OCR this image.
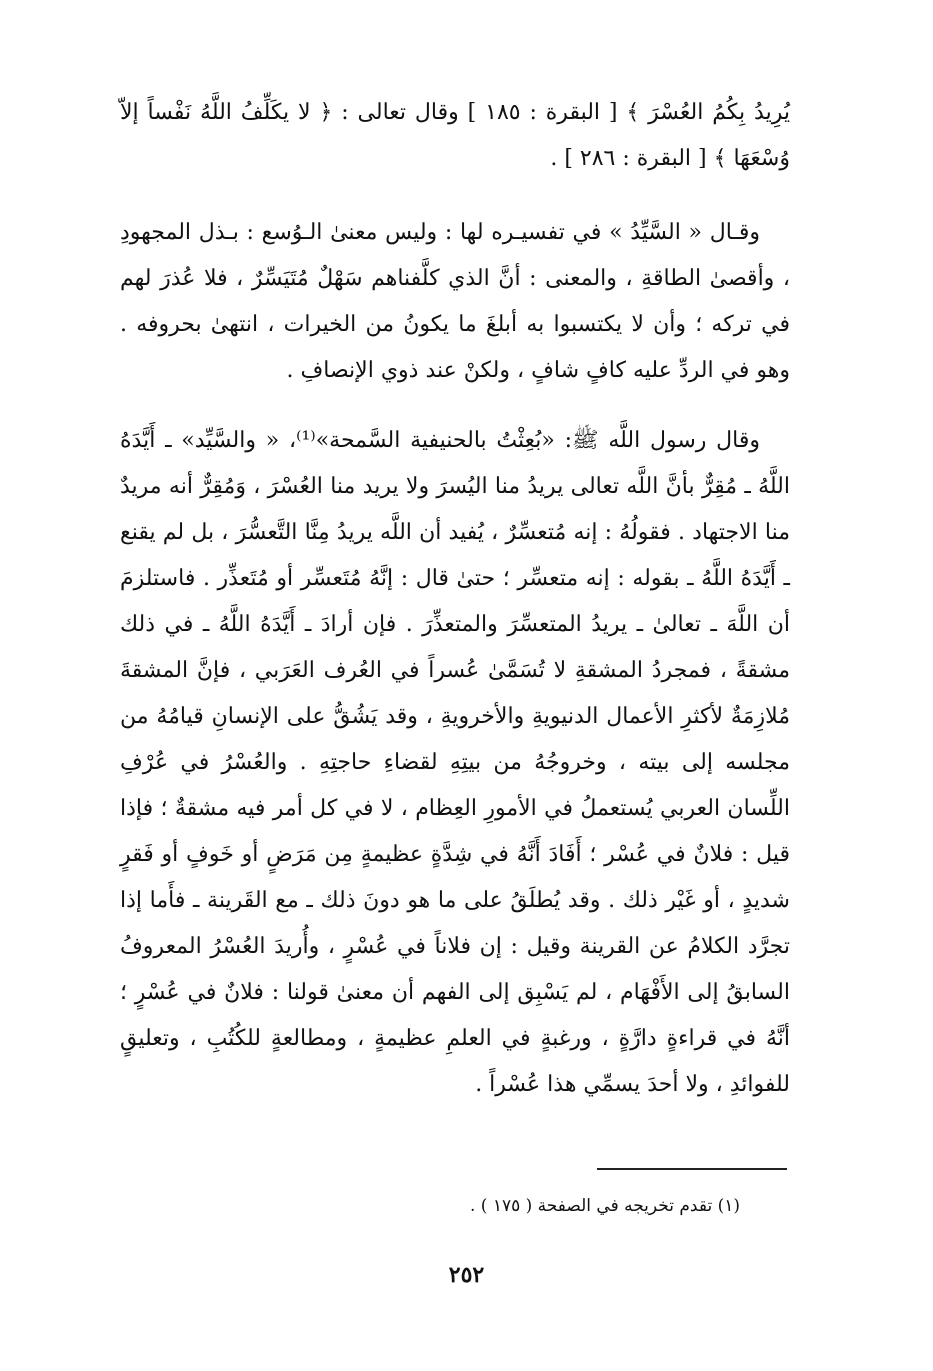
يُرِيدُ بِكُمُ العُسْرَ ﴾ [ البقرة : ١٨٥ ] وقال تعالى : ﴿ لا يكَلِّفُ اللَّهُ نَفْساً إلاّ وُسْعَهَا ﴾ [ البقرة : ٢٨٦ ] .

وقـال « السَّيِّدُ » في تفسيـره لها : وليس معنىٰ الـوُسع : بـذل المجهودِ ، وأقصىٰ الطاقةِ ، والمعنى : أنَّ الذي كلَّفناهم سَهْلٌ مُتَيَسِّرٌ ، فلا عُذرَ لهم في تركه ؛ وأن لا يكتسبوا به أبلغَ ما يكونُ من الخيرات ، انتهىٰ بحروفه . وهو في الردِّ عليه كافٍ شافٍ ، ولكنْ عند ذوي الإنصافِ .

وقال رسول اللَّه ﷺ: «بُعِثْتُ بالحنيفية السَّمحة»⁽¹⁾، « والسَّيِّد» ـ أَيَّدَهُ اللَّهُ ـ مُقِرٌّ بأنَّ اللَّه تعالى يريدُ منا اليُسرَ ولا يريد منا العُسْرَ ، وَمُقِرٌّ أنه مريدٌ منا الاجتهاد . فقولُهُ : إنه مُتعسِّرٌ ، يُفيد أن اللَّه يريدُ مِنَّا التَّعسُّرَ ، بل لم يقنع ـ أَيَّدَهُ اللَّهُ ـ بقوله : إنه متعسِّر ؛ حتىٰ قال : إنَّهُ مُتَعسِّر أو مُتَعذِّر . فاستلزمَ أن اللَّهَ ـ تعالىٰ ـ يريدُ المتعسِّرَ والمتعذِّرَ . فإن أرادَ ـ أَيَّدَهُ اللَّهُ ـ في ذلك مشقةً ، فمجردُ المشقةِ لا تُسَمَّىٰ عُسراً في العُرف العَرَبي ، فإنَّ المشقةَ مُلازِمَةٌ لأكثرِ الأعمال الدنيويةِ والأخرويةِ ، وقد يَشُقُّ على الإنسانِ قيامُهُ من مجلسه إلى بيته ، وخروجُهُ من بيتِهِ لقضاءِ حاجتِهِ . والعُسْرُ في عُرْفِ اللِّسان العربي يُستعملُ في الأمورِ العِظام ، لا في كل أمر فيه مشقةٌ ؛ فإذا قيل : فلانٌ في عُسْر ؛ أَفَادَ أَنَّهُ في شِدَّةٍ عظيمةٍ مِن مَرَضٍ أو خَوفٍ أو فَقرٍ شديدٍ ، أو غَيْر ذلك . وقد يُطلَقُ على ما هو دونَ ذلك ـ مع القَرينة ـ فأَما إذا تجرَّد الكلامُ عن القرينة وقيل : إن فلاناً في عُسْرٍ ، وأُريدَ العُسْرُ المعروفُ السابقُ إلى الأَفْهَام ، لم يَسْبِق إلى الفهم أن معنىٰ قولنا : فلانٌ في عُسْرٍ ؛ أنَّهُ في قراءةٍ دارَّةٍ ، ورغبةٍ في العلمِ عظيمةٍ ، ومطالعةٍ للكُتُبِ ، وتعليقٍ للفوائدِ ، ولا أحدَ يسمِّي هذا عُسْراً .

(١) تقدم تخريجه في الصفحة ( ١٧٥ ) .
٢٥٢
